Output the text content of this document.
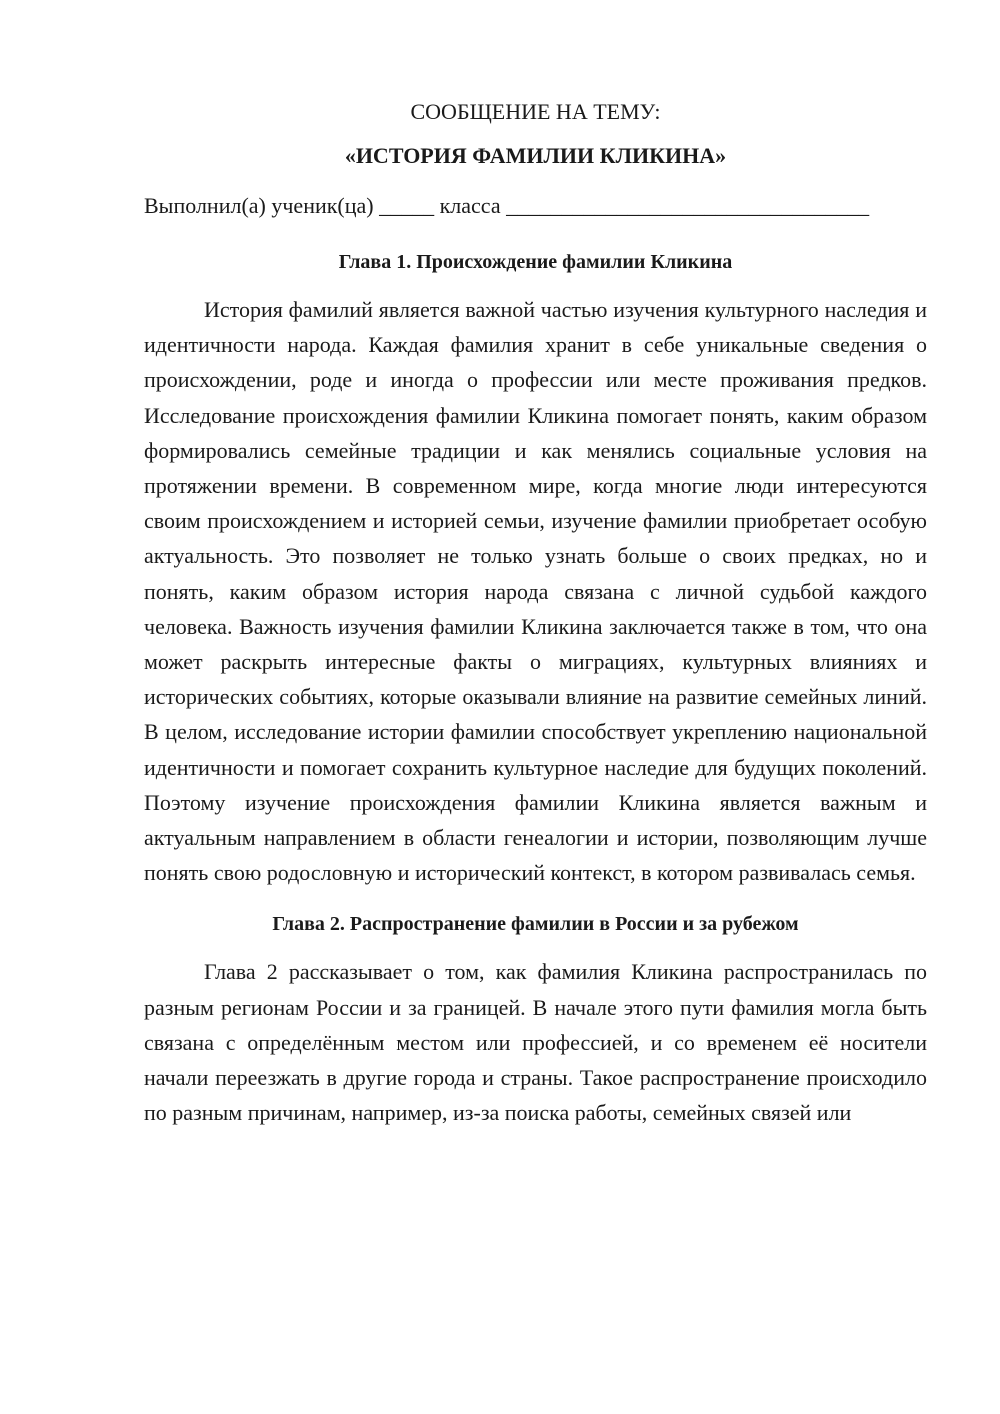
СООБЩЕНИЕ НА ТЕМУ:

«ИСТОРИЯ ФАМИЛИИ КЛИКИНА»

Выполнил(а) ученик(ца) _____ класса _________________________________

Глава 1. Происхождение фамилии Кликина

История фамилий является важной частью изучения культурного наследия и идентичности народа. Каждая фамилия хранит в себе уникальные сведения о происхождении, роде и иногда о профессии или месте проживания предков. Исследование происхождения фамилии Кликина помогает понять, каким образом формировались семейные традиции и как менялись социальные условия на протяжении времени. В современном мире, когда многие люди интересуются своим происхождением и историей семьи, изучение фамилии приобретает особую актуальность. Это позволяет не только узнать больше о своих предках, но и понять, каким образом история народа связана с личной судьбой каждого человека. Важность изучения фамилии Кликина заключается также в том, что она может раскрыть интересные факты о миграциях, культурных влияниях и исторических событиях, которые оказывали влияние на развитие семейных линий. В целом, исследование истории фамилии способствует укреплению национальной идентичности и помогает сохранить культурное наследие для будущих поколений. Поэтому изучение происхождения фамилии Кликина является важным и актуальным направлением в области генеалогии и истории, позволяющим лучше понять свою родословную и исторический контекст, в котором развивалась семья.

Глава 2. Распространение фамилии в России и за рубежом

Глава 2 рассказывает о том, как фамилия Кликина распространилась по разным регионам России и за границей. В начале этого пути фамилия могла быть связана с определённым местом или профессией, и со временем её носители начали переезжать в другие города и страны. Такое распространение происходило по разным причинам, например, из-за поиска работы, семейных связей или
